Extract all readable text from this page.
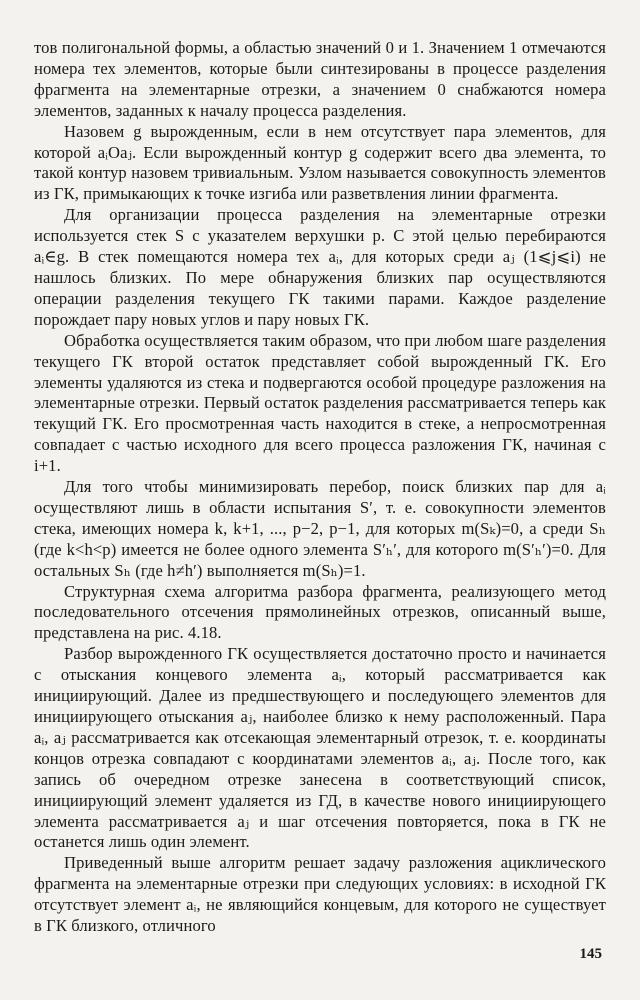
тов полигональной формы, а областью значений 0 и 1. Значением 1 отмечаются номера тех элементов, которые были синтезированы в процессе разделения фрагмента на элементарные отрезки, а значением 0 снабжаются номера элементов, заданных к началу процесса разделения.

Назовем g вырожденным, если в нем отсутствует пара элементов, для которой aᵢOaⱼ. Если вырожденный контур g содержит всего два элемента, то такой контур назовем тривиальным. Узлом называется совокупность элементов из ГК, примыкающих к точке изгиба или разветвления линии фрагмента.

Для организации процесса разделения на элементарные отрезки используется стек S с указателем верхушки p. С этой целью перебираются aᵢ∈g. В стек помещаются номера тех aᵢ, для которых среди aⱼ (1⩽j⩽i) не нашлось близких. По мере обнаружения близких пар осуществляются операции разделения текущего ГК такими парами. Каждое разделение порождает пару новых углов и пару новых ГК.

Обработка осуществляется таким образом, что при любом шаге разделения текущего ГК второй остаток представляет собой вырожденный ГК. Его элементы удаляются из стека и подвергаются особой процедуре разложения на элементарные отрезки. Первый остаток разделения рассматривается теперь как текущий ГК. Его просмотренная часть находится в стеке, а непросмотренная совпадает с частью исходного для всего процесса разложения ГК, начиная с i+1.

Для того чтобы минимизировать перебор, поиск близких пар для aᵢ осуществляют лишь в области испытания S′, т. е. совокупности элементов стека, имеющих номера k, k+1, ..., p−2, p−1, для которых m(Sₖ)=0, а среди Sₕ (где k<h<p) имеется не более одного элемента S′ₕ′, для которого m(S′ₕ′)=0. Для остальных Sₕ (где h≠h′) выполняется m(Sₕ)=1.

Структурная схема алгоритма разбора фрагмента, реализующего метод последовательного отсечения прямолинейных отрезков, описанный выше, представлена на рис. 4.18.

Разбор вырожденного ГК осуществляется достаточно просто и начинается с отыскания концевого элемента aᵢ, который рассматривается как инициирующий. Далее из предшествующего и последующего элементов для инициирующего отыскания aⱼ, наиболее близко к нему расположенный. Пара aᵢ, aⱼ рассматривается как отсекающая элементарный отрезок, т. е. координаты концов отрезка совпадают с координатами элементов aᵢ, aⱼ. После того, как запись об очередном отрезке занесена в соответствующий список, инициирующий элемент удаляется из ГД, в качестве нового инициирующего элемента рассматривается aⱼ и шаг отсечения повторяется, пока в ГК не останется лишь один элемент.

Приведенный выше алгоритм решает задачу разложения ациклического фрагмента на элементарные отрезки при следующих условиях: в исходной ГК отсутствует элемент aᵢ, не являющийся концевым, для которого не существует в ГК близкого, отличного

145
